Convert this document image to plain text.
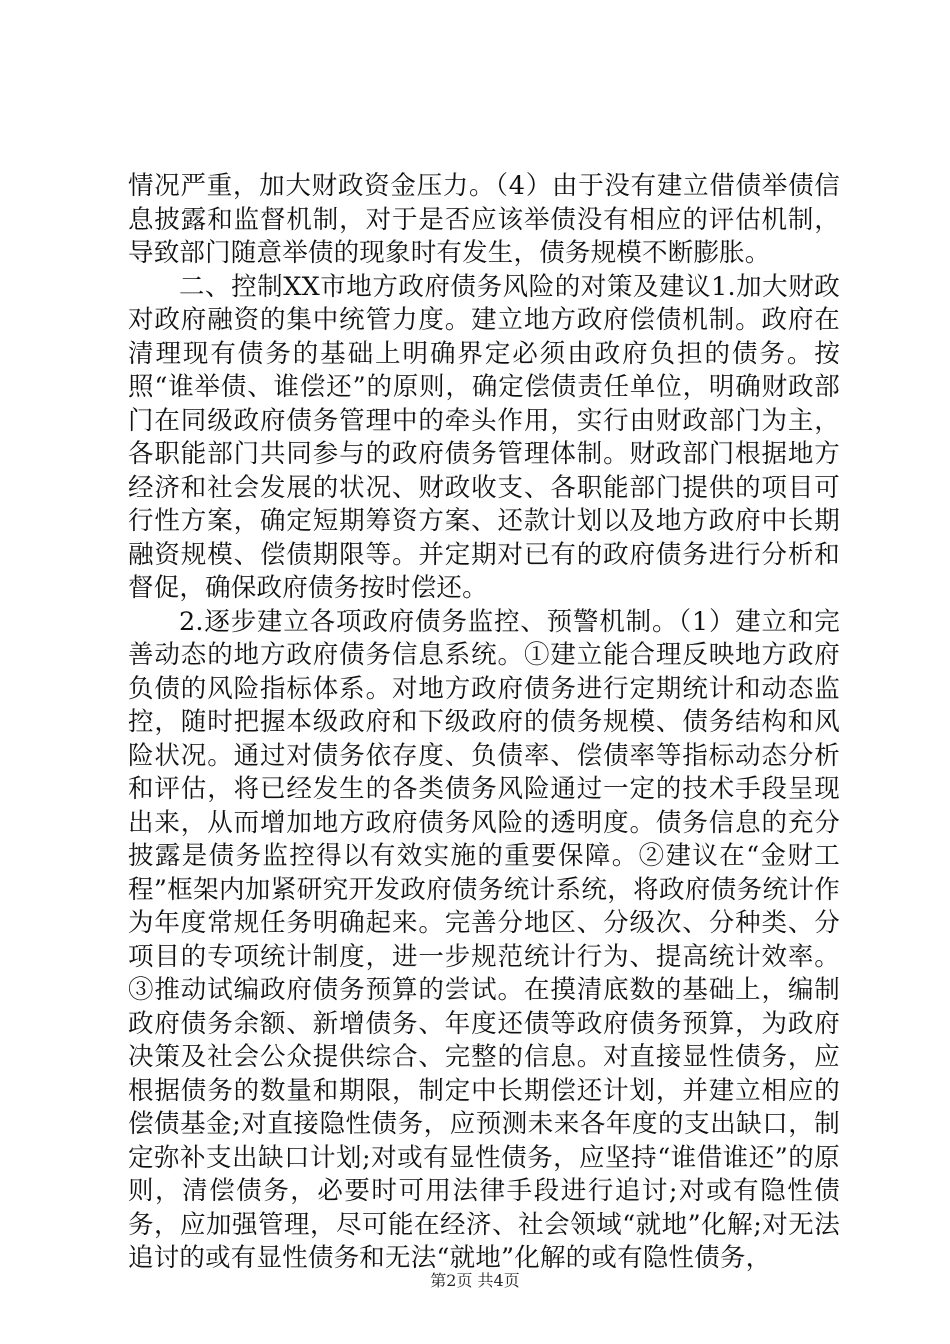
情况严重，加大财政资金压力。（4）由于没有建立借债举债信息披露和监督机制，对于是否应该举债没有相应的评估机制，导致部门随意举债的现象时有发生，债务规模不断膨胀。

二、控制XX市地方政府债务风险的对策及建议1.加大财政对政府融资的集中统管力度。建立地方政府偿债机制。政府在清理现有债务的基础上明确界定必须由政府负担的债务。按照“谁举债、谁偿还”的原则，确定偿债责任单位，明确财政部门在同级政府债务管理中的牵头作用，实行由财政部门为主，各职能部门共同参与的政府债务管理体制。财政部门根据地方经济和社会发展的状况、财政收支、各职能部门提供的项目可行性方案，确定短期筹资方案、还款计划以及地方政府中长期融资规模、偿债期限等。并定期对已有的政府债务进行分析和督促，确保政府债务按时偿还。

2.逐步建立各项政府债务监控、预警机制。（1）建立和完善动态的地方政府债务信息系统。①建立能合理反映地方政府负债的风险指标体系。对地方政府债务进行定期统计和动态监控，随时把握本级政府和下级政府的债务规模、债务结构和风险状况。通过对债务依存度、负债率、偿债率等指标动态分析和评估，将已经发生的各类债务风险通过一定的技术手段呈现出来，从而增加地方政府债务风险的透明度。债务信息的充分披露是债务监控得以有效实施的重要保障。②建议在“金财工程”框架内加紧研究开发政府债务统计系统，将政府债务统计作为年度常规任务明确起来。完善分地区、分级次、分种类、分项目的专项统计制度，进一步规范统计行为、提高统计效率。③推动试编政府债务预算的尝试。在摸清底数的基础上，编制政府债务余额、新增债务、年度还债等政府债务预算，为政府决策及社会公众提供综合、完整的信息。对直接显性债务，应根据债务的数量和期限，制定中长期偿还计划，并建立相应的偿债基金;对直接隐性债务，应预测未来各年度的支出缺口，制定弥补支出缺口计划;对或有显性债务，应坚持“谁借谁还”的原则，清偿债务，必要时可用法律手段进行追讨;对或有隐性债务，应加强管理，尽可能在经济、社会领域“就地”化解;对无法追讨的或有显性债务和无法“就地”化解的或有隐性债务，

第2页 共4页
